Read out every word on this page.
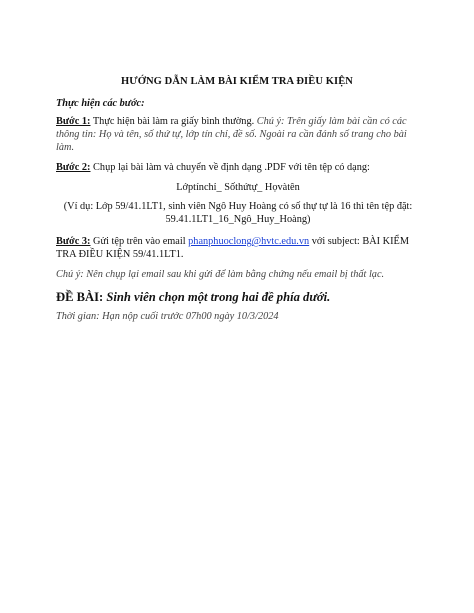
HƯỚNG DẪN LÀM BÀI KIỂM TRA ĐIỀU KIỆN
Thực hiện các bước:
Bước 1: Thực hiện bài làm ra giấy bình thường. Chú ý: Trên giấy làm bài cần có các thông tin: Họ và tên, số thứ tự, lớp tín chỉ, đề số. Ngoài ra cần đánh số trang cho bài làm.
Bước 2: Chụp lại bài làm và chuyển về định dạng .PDF với tên tệp có dạng:
Lớptínchỉ_ Sốthứtự_ Họvàtên
(Ví dụ: Lớp 59/41.1LT1, sinh viên Ngô Huy Hoàng có số thự tự là 16 thì tên tệp đặt: 59.41.1LT1_16_Ngô_Huy_Hoàng)
Bước 3: Gửi tệp trên vào email phanphuoclong@hvtc.edu.vn với subject: BÀI KIỂM TRA ĐIỀU KIỆN 59/41.1LT1.
Chú ý: Nên chụp lại email sau khi gửi để làm bằng chứng nếu email bị thất lạc.
ĐỀ BÀI: Sinh viên chọn một trong hai đề phía dưới.
Thời gian: Hạn nộp cuối trước 07h00 ngày 10/3/2024
